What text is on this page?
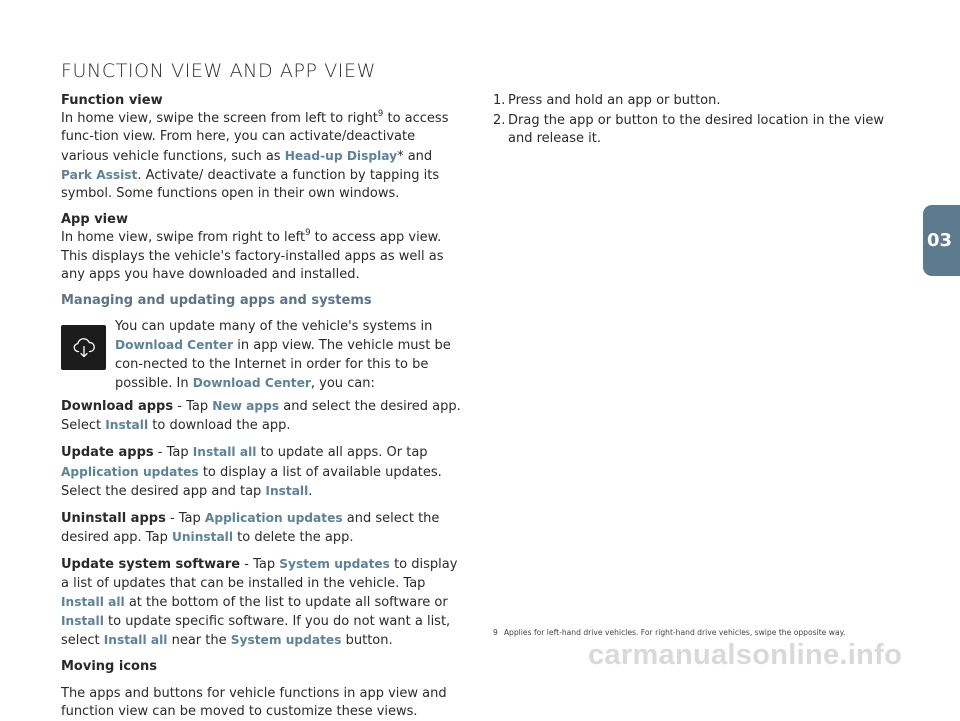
FUNCTION VIEW AND APP VIEW

Function view

In home view, swipe the screen from left to right$^9$ to access func-tion view. From here, you can activate/deactivate various vehicle functions, such as Head-up Display* and Park Assist. Activate/ deactivate a function by tapping its symbol. Some functions open in their own windows.

App view

In home view, swipe from right to left$^9$ to access app view. This displays the vehicle's factory-installed apps as well as any apps you have downloaded and installed.

Managing and updating apps and systems

You can update many of the vehicle's systems in Download Center in app view. The vehicle must be con-nected to the Internet in order for this to be possible. In Download Center, you can:

Download apps - Tap New apps and select the desired app. Select Install to download the app.

Update apps - Tap Install all to update all apps. Or tap Application updates to display a list of available updates. Select the desired app and tap Install.

Uninstall apps - Tap Application updates and select the desired app. Tap Uninstall to delete the app.

Update system software - Tap System updates to display a list of updates that can be installed in the vehicle. Tap Install all at the bottom of the list to update all software or Install to update specific software. If you do not want a list, select Install all near the System updates button.

Moving icons

The apps and buttons for vehicle functions in app view and function view can be moved to customize these views.

1. Press and hold an app or button.
2. Drag the app or button to the desired location in the view and release it.
9 Applies for left-hand drive vehicles. For right-hand drive vehicles, swipe the opposite way.
03
carmanualsonline.info
